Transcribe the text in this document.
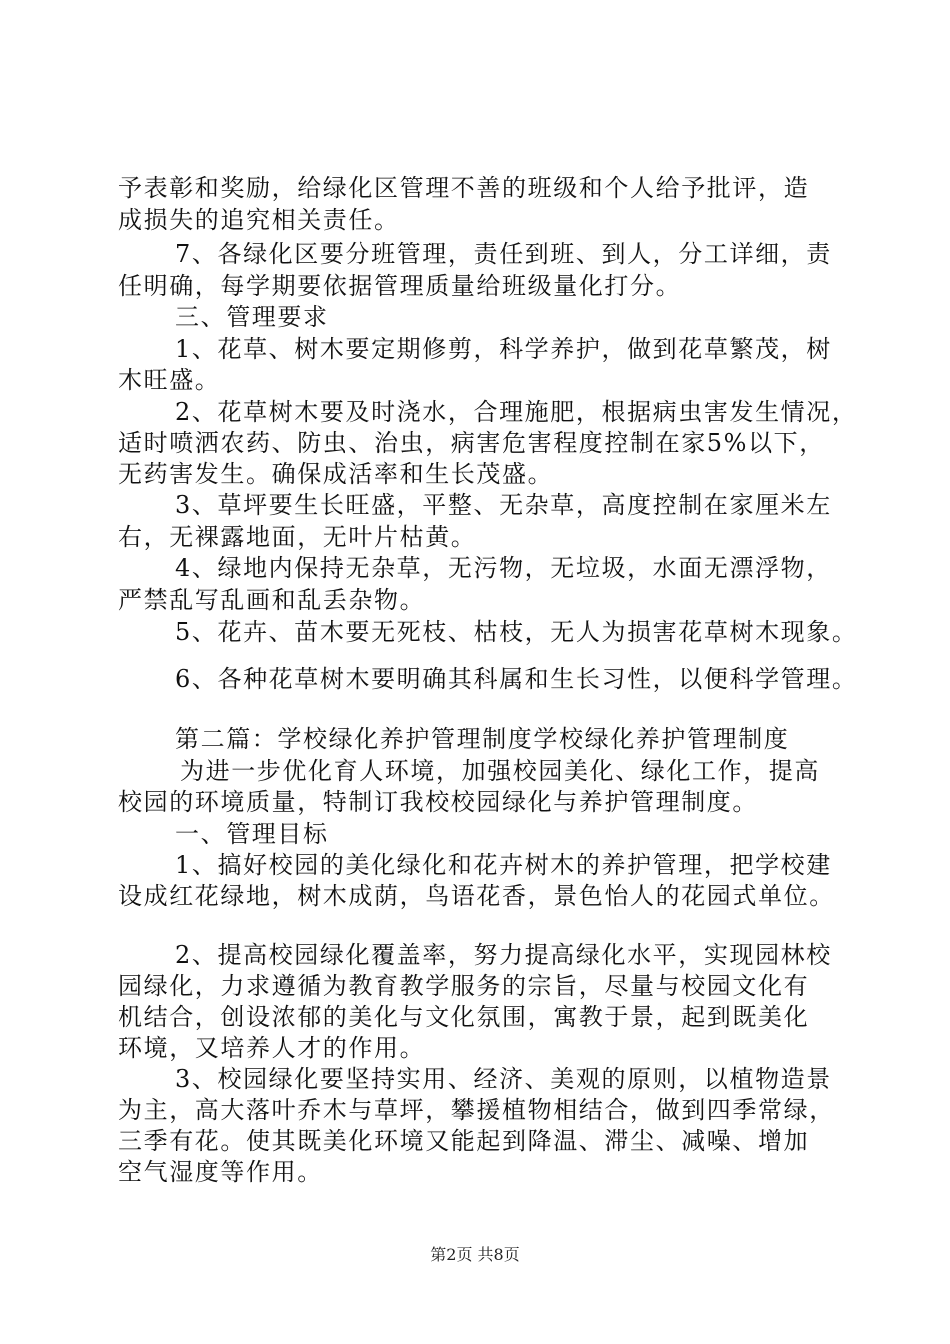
予表彰和奖励，给绿化区管理不善的班级和个人给予批评，造
成损失的追究相关责任。
7、各绿化区要分班管理，责任到班、到人，分工详细，责
任明确，每学期要依据管理质量给班级量化打分。
三、管理要求
1、花草、树木要定期修剪，科学养护，做到花草繁茂，树
木旺盛。
2、花草树木要及时浇水，合理施肥，根据病虫害发生情况，
适时喷洒农药、防虫、治虫，病害危害程度控制在家5%以下，
无药害发生。确保成活率和生长茂盛。
3、草坪要生长旺盛，平整、无杂草，高度控制在家厘米左
右，无裸露地面，无叶片枯黄。
4、绿地内保持无杂草，无污物，无垃圾，水面无漂浮物，
严禁乱写乱画和乱丢杂物。
5、花卉、苗木要无死枝、枯枝，无人为损害花草树木现象。
6、各种花草树木要明确其科属和生长习性，以便科学管理。
第二篇：学校绿化养护管理制度学校绿化养护管理制度
为进一步优化育人环境，加强校园美化、绿化工作，提高
校园的环境质量，特制订我校校园绿化与养护管理制度。
一、管理目标
1、搞好校园的美化绿化和花卉树木的养护管理，把学校建
设成红花绿地，树木成荫，鸟语花香，景色怡人的花园式单位。
2、提高校园绿化覆盖率，努力提高绿化水平，实现园林校
园绿化，力求遵循为教育教学服务的宗旨，尽量与校园文化有
机结合，创设浓郁的美化与文化氛围，寓教于景，起到既美化
环境，又培养人才的作用。
3、校园绿化要坚持实用、经济、美观的原则，以植物造景
为主，高大落叶乔木与草坪，攀援植物相结合，做到四季常绿，
三季有花。使其既美化环境又能起到降温、滞尘、减噪、增加
空气湿度等作用。
第2页 共8页
